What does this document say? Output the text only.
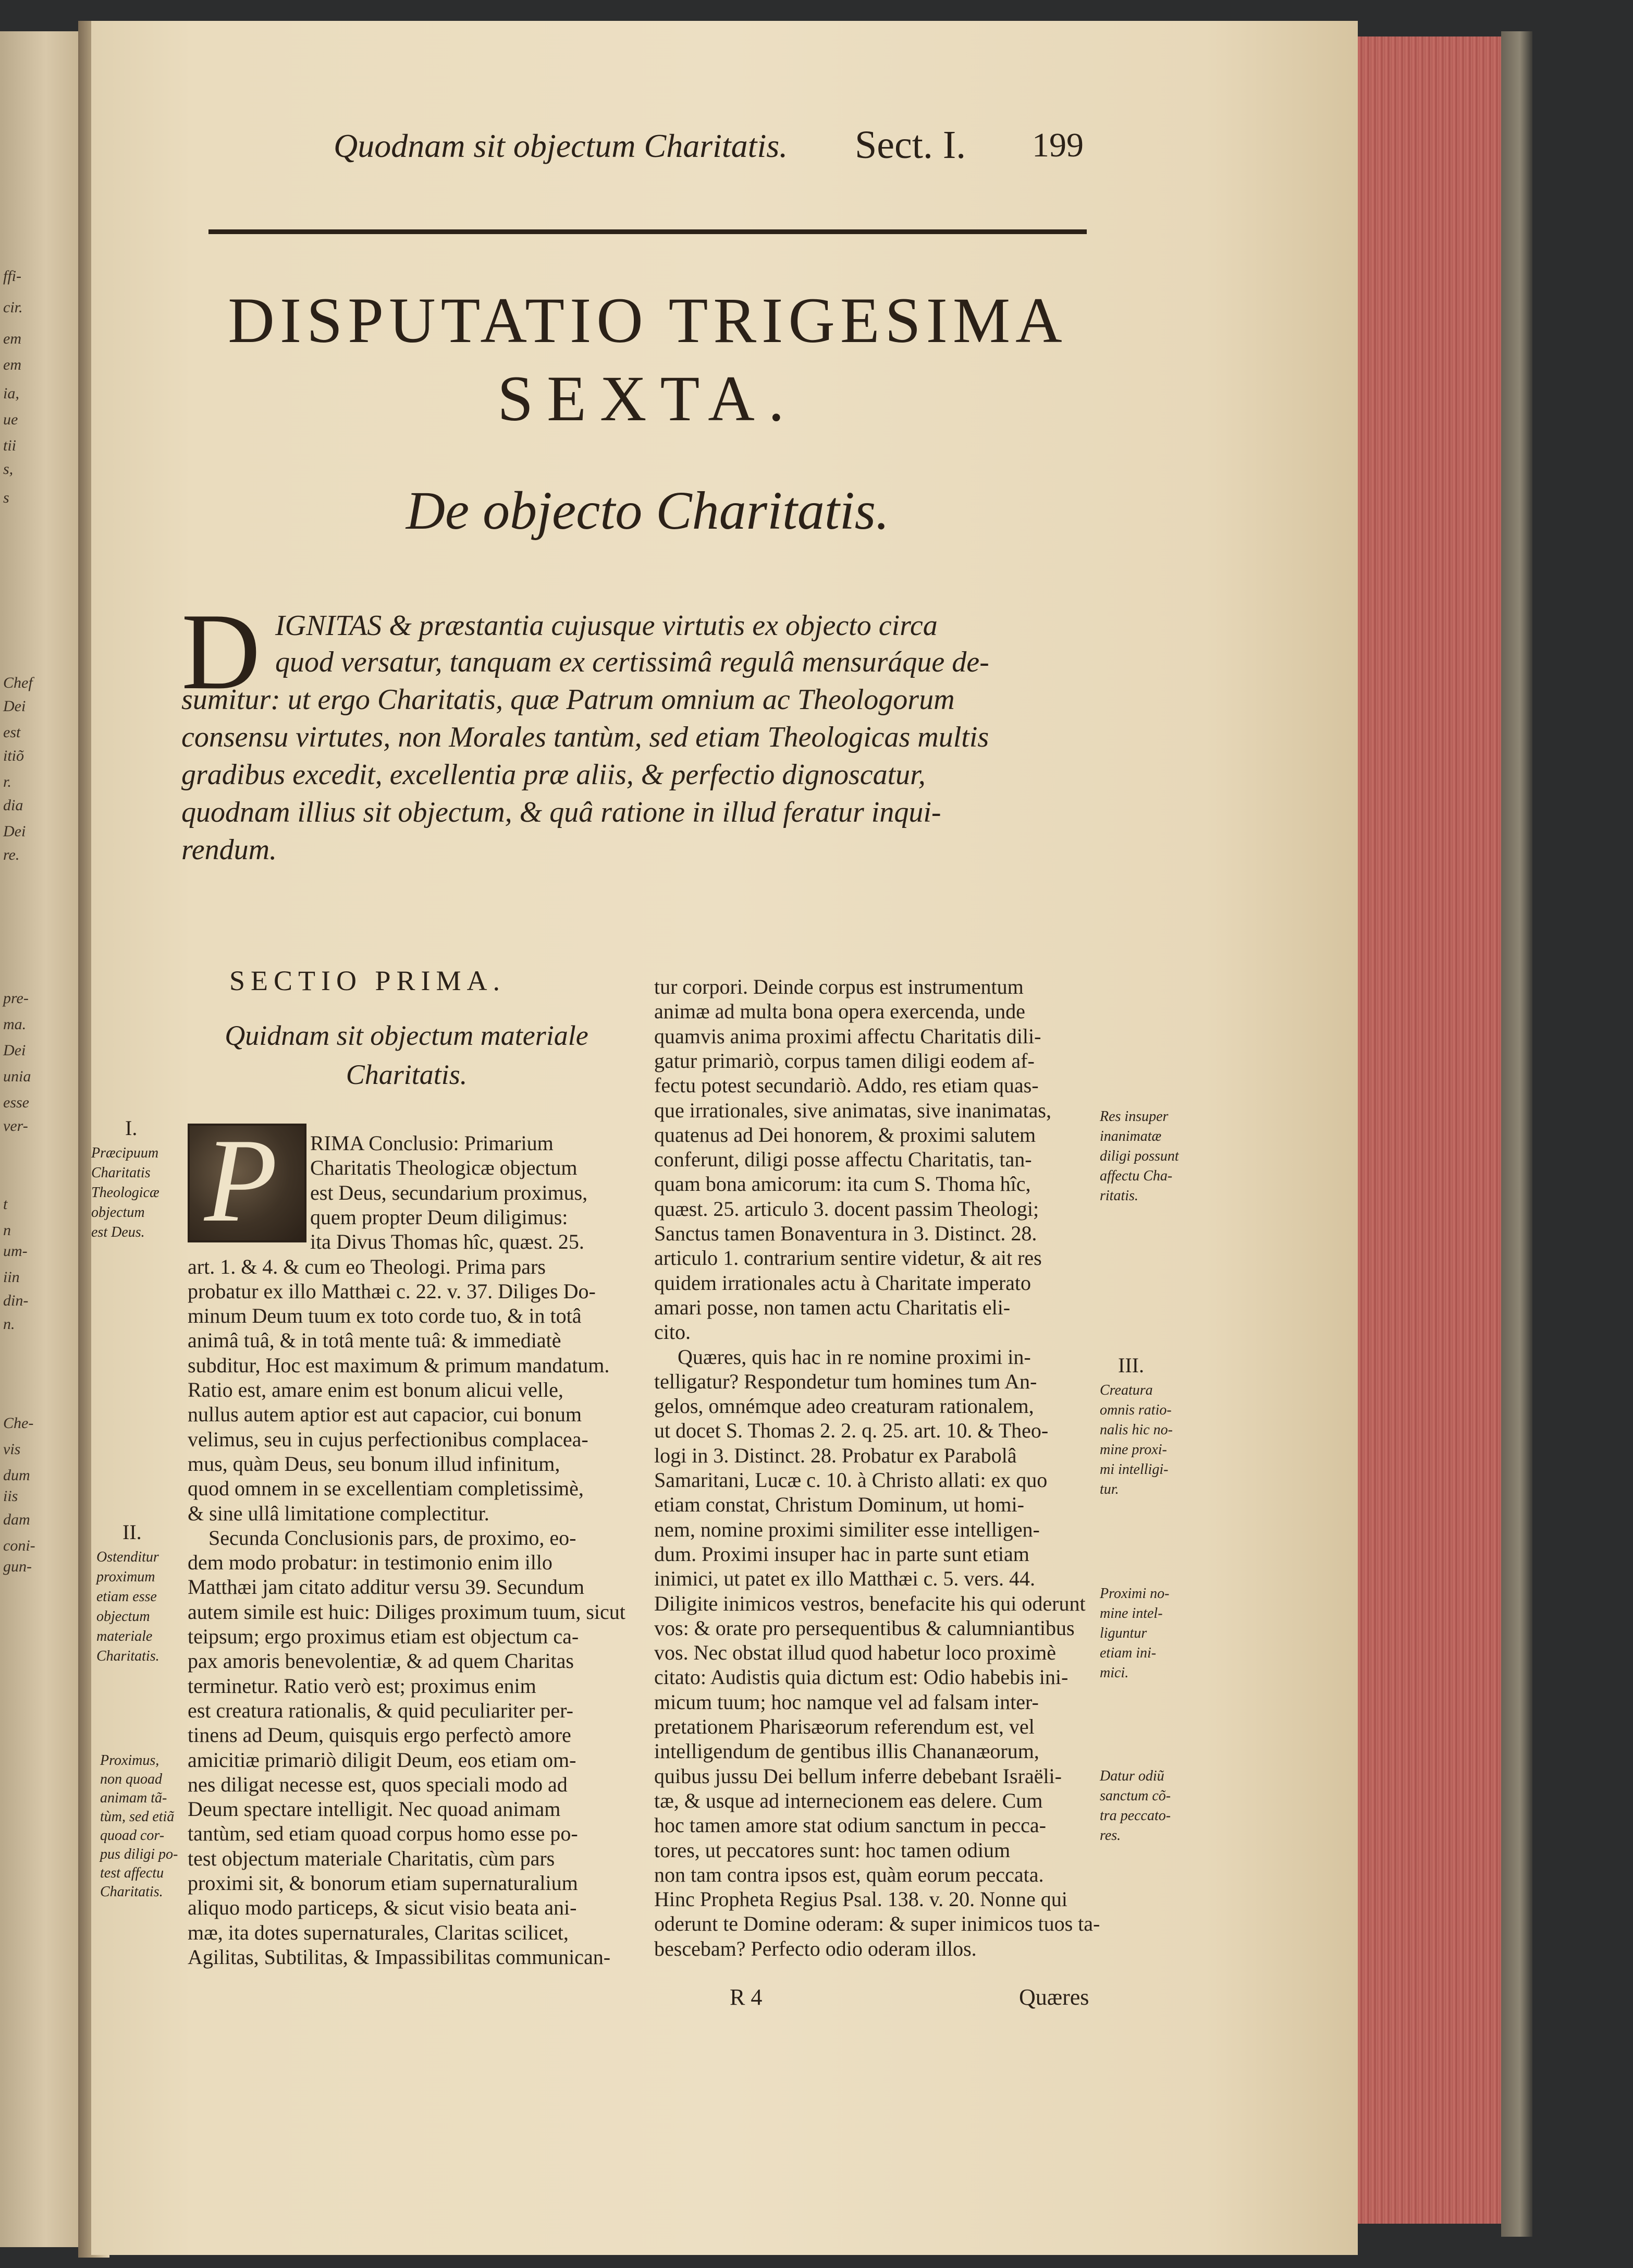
ffi-
cir.
em
em
ia,
ue
tii
s,
s
Chef
Dei
est
itiõ
r.
dia
Dei
re.
pre-
ma.
Dei
unia
esse
ver-
t
n
um-
iin
din-
n.
Che-
vis
dum
iis
dam
coni-
gun-
Quodnam sit objectum Charitatis. Sect. I. 199
DISPUTATIO TRIGESIMA
SEXTA.
De objecto Charitatis.
D IGNITAS & præstantia cujusque virtutis ex objecto circa
quod versatur, tanquam ex certissimâ regulâ mensuráque de-
sumitur: ut ergo Charitatis, quæ Patrum omnium ac Theologorum
consensu virtutes, non Morales tantùm, sed etiam Theologicas multis
gradibus excedit, excellentia præ aliis, & perfectio dignoscatur,
quodnam illius sit objectum, & quâ ratione in illud feratur inqui-
rendum.
SECTIO PRIMA.
Quidnam sit objectum materiale
Charitatis.
P RIMA Conclusio: Primarium
Charitatis Theologicæ objectum
est Deus, secundarium proximus,
quem propter Deum diligimus:
ita Divus Thomas hîc, quæst. 25.
art. 1. & 4. & cum eo Theologi. Prima pars
probatur ex illo Matthæi c. 22. v. 37. Diliges Do-
minum Deum tuum ex toto corde tuo, & in totâ
animâ tuâ, & in totâ mente tuâ: & immediatè
subditur, Hoc est maximum & primum mandatum.
Ratio est, amare enim est bonum alicui velle,
nullus autem aptior est aut capacior, cui bonum
velimus, seu in cujus perfectionibus complacea-
mus, quàm Deus, seu bonum illud infinitum,
quod omnem in se excellentiam completissimè,
& sine ullâ limitatione complectitur.
Secunda Conclusionis pars, de proximo, eo-
dem modo probatur: in testimonio enim illo
Matthæi jam citato additur versu 39. Secundum
autem simile est huic: Diliges proximum tuum, sicut
teipsum; ergo proximus etiam est objectum ca-
pax amoris benevolentiæ, & ad quem Charitas
terminetur. Ratio verò est; proximus enim
est creatura rationalis, & quid peculiariter per-
tinens ad Deum, quisquis ergo perfectò amore
amicitiæ primariò diligit Deum, eos etiam om-
nes diligat necesse est, quos speciali modo ad
Deum spectare intelligit. Nec quoad animam
tantùm, sed etiam quoad corpus homo esse po-
test objectum materiale Charitatis, cùm pars
proximi sit, & bonorum etiam supernaturalium
aliquo modo particeps, & sicut visio beata ani-
mæ, ita dotes supernaturales, Claritas scilicet,
Agilitas, Subtilitas, & Impassibilitas communican-
tur corpori. Deinde corpus est instrumentum
animæ ad multa bona opera exercenda, unde
quamvis anima proximi affectu Charitatis dili-
gatur primariò, corpus tamen diligi eodem af-
fectu potest secundariò. Addo, res etiam quas-
que irrationales, sive animatas, sive inanimatas,
quatenus ad Dei honorem, & proximi salutem
conferunt, diligi posse affectu Charitatis, tan-
quam bona amicorum: ita cum S. Thoma hîc,
quæst. 25. articulo 3. docent passim Theologi;
Sanctus tamen Bonaventura in 3. Distinct. 28.
articulo 1. contrarium sentire videtur, & ait res
quidem irrationales actu à Charitate imperato
amari posse, non tamen actu Charitatis eli-
cito.
Quæres, quis hac in re nomine proximi in-
telligatur? Respondetur tum homines tum An-
gelos, omnémque adeo creaturam rationalem,
ut docet S. Thomas 2. 2. q. 25. art. 10. & Theo-
logi in 3. Distinct. 28. Probatur ex Parabolâ
Samaritani, Lucæ c. 10. à Christo allati: ex quo
etiam constat, Christum Dominum, ut homi-
nem, nomine proximi similiter esse intelligen-
dum. Proximi insuper hac in parte sunt etiam
inimici, ut patet ex illo Matthæi c. 5. vers. 44.
Diligite inimicos vestros, benefacite his qui oderunt
vos: & orate pro persequentibus & calumniantibus
vos. Nec obstat illud quod habetur loco proximè
citato: Audistis quia dictum est: Odio habebis ini-
micum tuum; hoc namque vel ad falsam inter-
pretationem Pharisæorum referendum est, vel
intelligendum de gentibus illis Chananæorum,
quibus jussu Dei bellum inferre debebant Israëli-
tæ, & usque ad internecionem eas delere. Cum
hoc tamen amore stat odium sanctum in pecca-
tores, ut peccatores sunt: hoc tamen odium
non tam contra ipsos est, quàm eorum peccata.
Hinc Propheta Regius Psal. 138. v. 20. Nonne qui
oderunt te Domine oderam: & super inimicos tuos ta-
bescebam? Perfecto odio oderam illos.
I.
Præcipuum
Charitatis
Theologicæ
objectum
est Deus.
II.
Ostenditur
proximum
etiam esse
objectum
materiale
Charitatis.
Proximus,
non quoad
animam tã-
tùm, sed etiã
quoad cor-
pus diligi po-
test affectu
Charitatis.
Res insuper
inanimatæ
diligi possunt
affectu Cha-
ritatis.
III.
Creatura
omnis ratio-
nalis hic no-
mine proxi-
mi intelligi-
tur.
Proximi no-
mine intel-
liguntur
etiam ini-
mici.
Datur odiũ
sanctum cõ-
tra peccato-
res.
R 4	Quæres
